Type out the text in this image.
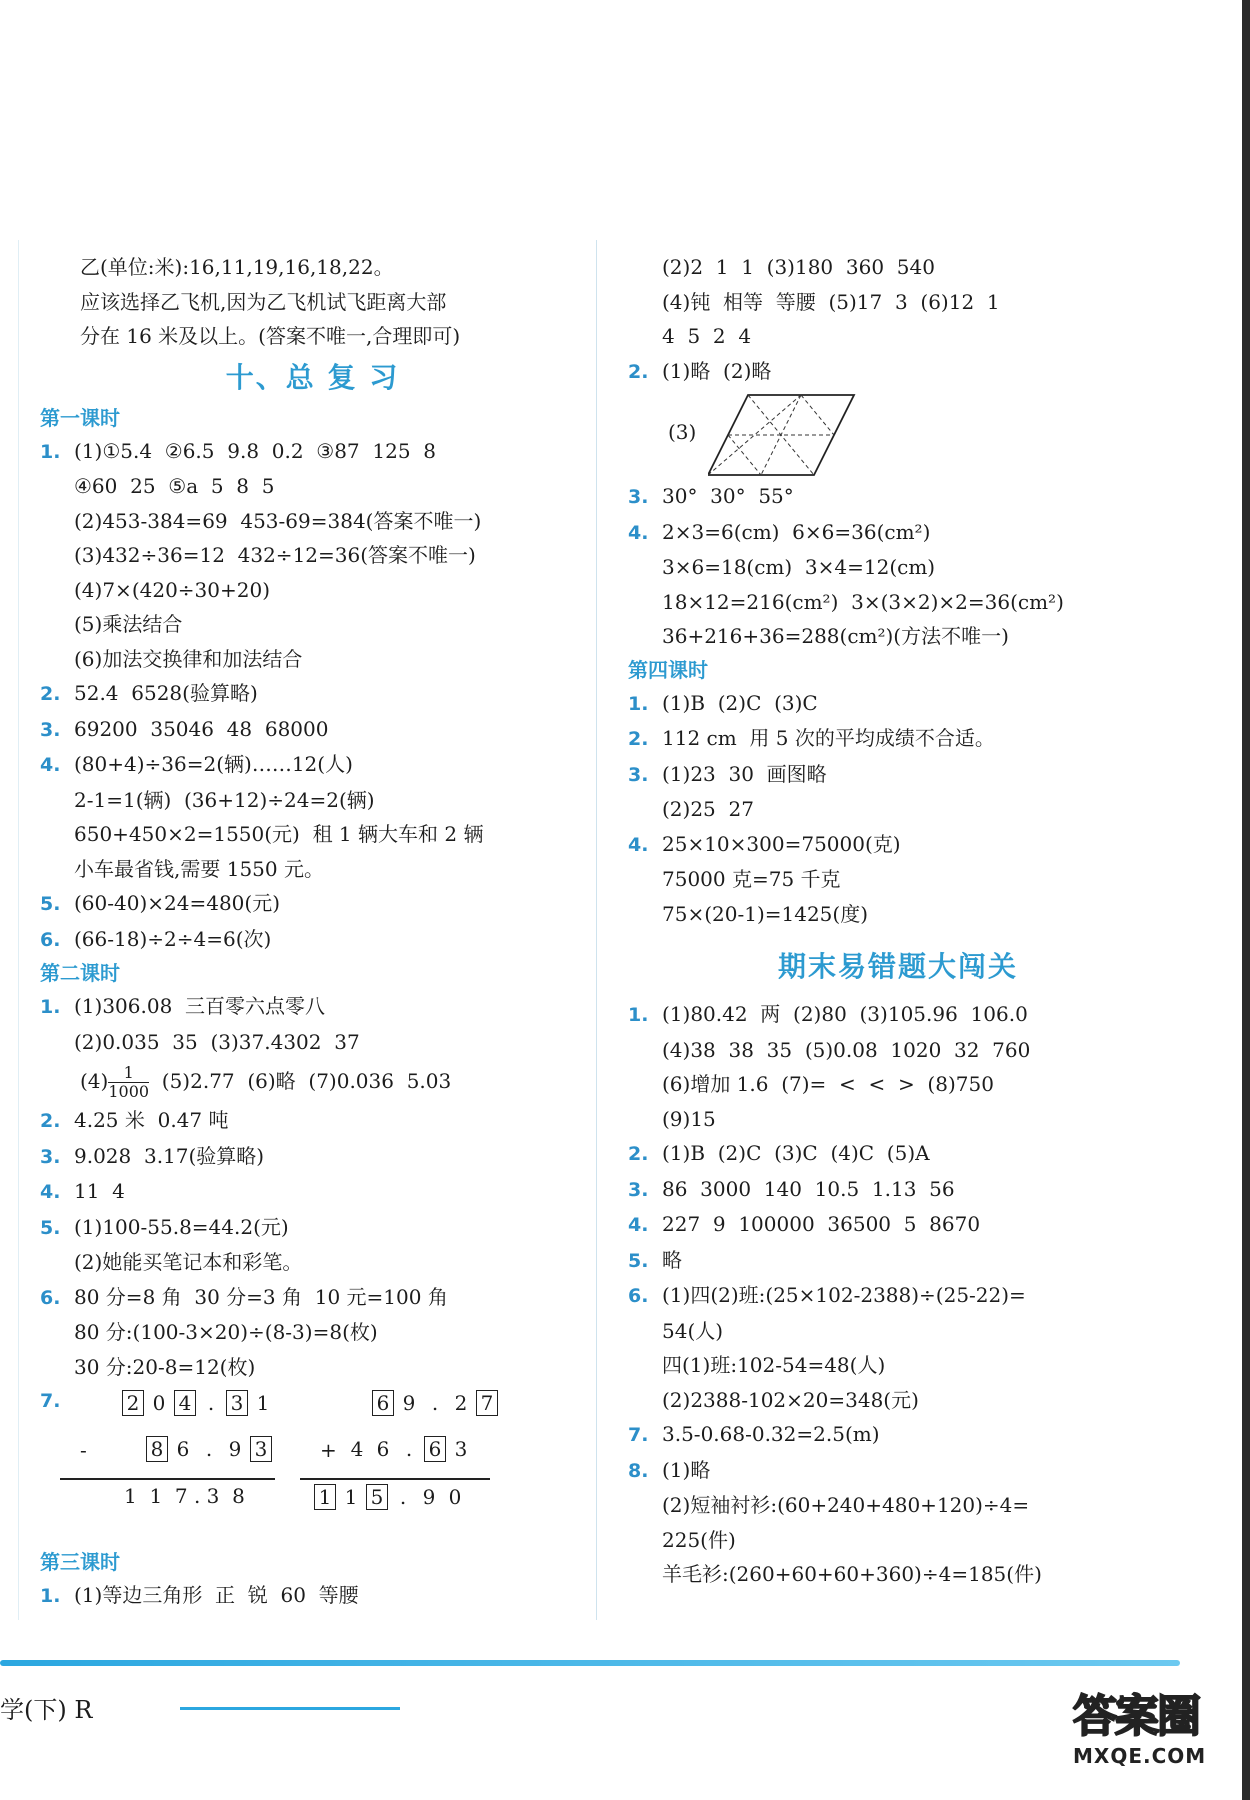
乙(单位:米):16,11,19,16,18,22。
应该选择乙飞机,因为乙飞机试飞距离大部
分在 16 米及以上。(答案不唯一,合理即可)
十、总 复 习
第一课时
1. (1)①5.4  ②6.5  9.8  0.2  ③87  125  8
④60  25  ⑤a  5  8  5
(2)453-384=69  453-69=384(答案不唯一)
(3)432÷36=12  432÷12=36(答案不唯一)
(4)7×(420÷30+20)
(5)乘法结合
(6)加法交换律和加法结合
2. 52.4  6528(验算略)
3. 69200  35046  48  68000
4. (80+4)÷36=2(辆)……12(人)
2-1=1(辆)  (36+12)÷24=2(辆)
650+450×2=1550(元)  租 1 辆大车和 2 辆
小车最省钱,需要 1550 元。
5. (60-40)×24=480(元)
6. (66-18)÷2÷4=6(次)
第二课时
1. (1)306.08  三百零六点零八
(2)0.035  35  (3)37.4302  37
$(4) \frac{1}{1000} (5)2.77$  (6)略  (7)0.036  5.03
2. 4.25 米  0.47 吨
3. 9.028  3.17(验算略)
4. 11  4
5. (1)100-55.8=44.2(元)
(2)她能买笔记本和彩笔。
6. 80 分=8 角  30 分=3 角  10 元=100 角
80 分:(100-3×20)÷(8-3)=8(枚)
30 分:20-8=12(枚)
7.	2 0 4 . 3 1
-	8 6 . 9 3
1  1  7 . 3  8
6 9 . 2 7
+ 4 6 . 6 3
1 1 5 . 9 0
第三课时
1. (1)等边三角形  正  锐  60  等腰
(2)2  1  1  (3)180  360  540
(4)钝  相等  等腰  (5)17  3  (6)12  1
4  5  2  4
2. (1)略  (2)略

(3)

3. 30°  30°  55°
4. 2×3=6(cm)  6×6=36(cm²)
3×6=18(cm)  3×4=12(cm)
18×12=216(cm²)  3×(3×2)×2=36(cm²)
36+216+36=288(cm²)(方法不唯一)
第四课时
1. (1)B  (2)C  (3)C
2. 112 cm  用 5 次的平均成绩不合适。
3. (1)23  30  画图略
(2)25  27
4. 25×10×300=75000(克)
75000 克=75 千克
75×(20-1)=1425(度)
期末易错题大闯关
1. (1)80.42  两  (2)80  (3)105.96  106.0
(4)38  38  35  (5)0.08  1020  32  760
(6)增加 1.6  (7)=  <  <  >  (8)750
(9)15
2. (1)B  (2)C  (3)C  (4)C  (5)A
3. 86  3000  140  10.5  1.13  56
4. 227  9  100000  36500  5  8670
5. 略
6. (1)四(2)班:(25×102-2388)÷(25-22)=
54(人)
四(1)班:102-54=48(人)
(2)2388-102×20=348(元)
7. 3.5-0.68-0.32=2.5(m)
8. (1)略
(2)短袖衬衫:(60+240+480+120)÷4=
225(件)
羊毛衫:(260+60+60+360)÷4=185(件)
学(下) R	答案圈
MXQE.COM
